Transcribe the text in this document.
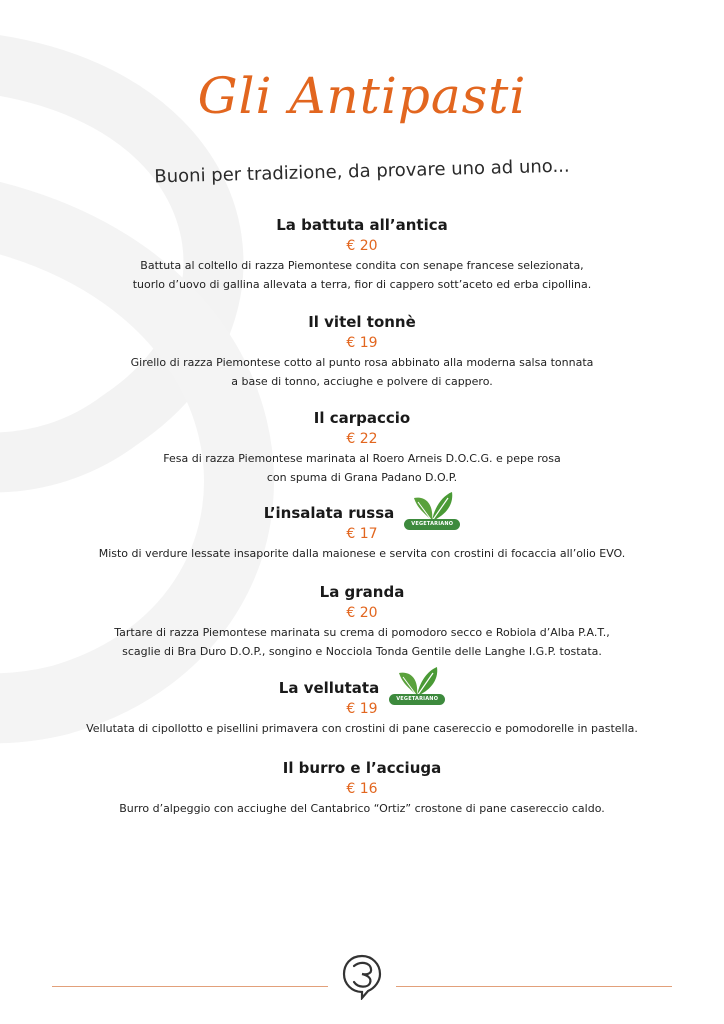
Gli Antipasti
Buoni per tradizione, da provare uno ad uno...
La battuta all’antica
€ 20
Battuta al coltello di razza Piemontese condita con senape francese selezionata,
tuorlo d’uovo di gallina allevata a terra, fior di cappero sott’aceto ed erba cipollina.
Il vitel tonnè
€ 19
Girello di razza Piemontese cotto al punto rosa abbinato alla moderna salsa tonnata
a base di tonno, acciughe e polvere di cappero.
Il carpaccio
€ 22
Fesa di razza Piemontese marinata al Roero Arneis D.O.C.G. e pepe rosa
con spuma di Grana Padano D.O.P.
L’insalata russa
VEGETARIANO
€ 17
Misto di verdure lessate insaporite dalla maionese e servita con crostini di focaccia all’olio EVO.
La granda
€ 20
Tartare di razza Piemontese marinata su crema di pomodoro secco e Robiola d’Alba P.A.T.,
scaglie di Bra Duro D.O.P., songino e Nocciola Tonda Gentile delle Langhe I.G.P. tostata.
La vellutata
VEGETARIANO
€ 19
Vellutata di cipollotto e pisellini primavera con crostini di pane casereccio e pomodorelle in pastella.
Il burro e l’acciuga
€ 16
Burro d’alpeggio con acciughe del Cantabrico “Ortiz” crostone di pane casereccio caldo.
